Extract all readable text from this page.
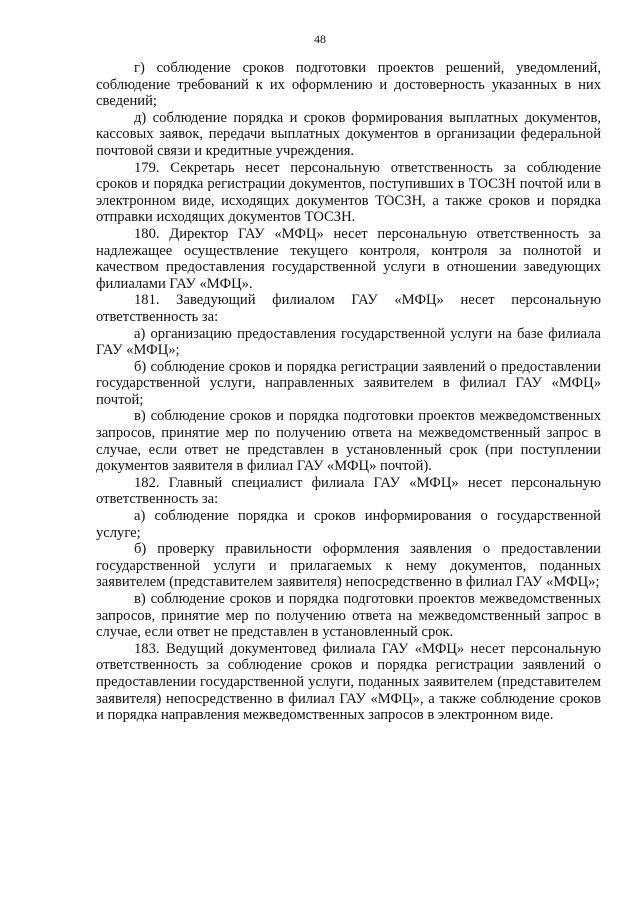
48

г) соблюдение сроков подготовки проектов решений, уведомлений, соблюдение требований к их оформлению и достоверность указанных в них сведений;

д) соблюдение порядка и сроков формирования выплатных документов, кассовых заявок, передачи выплатных документов в организации федеральной почтовой связи и кредитные учреждения.

179. Секретарь несет персональную ответственность за соблюдение сроков и порядка регистрации документов, поступивших в ТОСЗН почтой или в электронном виде, исходящих документов ТОСЗН, а также сроков и порядка отправки исходящих документов ТОСЗН.

180. Директор ГАУ «МФЦ» несет персональную ответственность за надлежащее осуществление текущего контроля, контроля за полнотой и качеством предоставления государственной услуги в отношении заведующих филиалами ГАУ «МФЦ».

181. Заведующий филиалом ГАУ «МФЦ» несет персональную ответственность за:

а) организацию предоставления государственной услуги на базе филиала ГАУ «МФЦ»;

б) соблюдение сроков и порядка регистрации заявлений о предоставлении государственной услуги, направленных заявителем в филиал ГАУ «МФЦ» почтой;

в) соблюдение сроков и порядка подготовки проектов межведомственных запросов, принятие мер по получению ответа на межведомственный запрос в случае, если ответ не представлен в установленный срок (при поступлении документов заявителя в филиал ГАУ «МФЦ» почтой).

182. Главный специалист филиала ГАУ «МФЦ» несет персональную ответственность за:

а) соблюдение порядка и сроков информирования о государственной услуге;

б) проверку правильности оформления заявления о предоставлении государственной услуги и прилагаемых к нему документов, поданных заявителем (представителем заявителя) непосредственно в филиал ГАУ «МФЦ»;

в) соблюдение сроков и порядка подготовки проектов межведомственных запросов, принятие мер по получению ответа на межведомственный запрос в случае, если ответ не представлен в установленный срок.

183. Ведущий документовед филиала ГАУ «МФЦ» несет персональную ответственность за соблюдение сроков и порядка регистрации заявлений о предоставлении государственной услуги, поданных заявителем (представителем заявителя) непосредственно в филиал ГАУ «МФЦ», а также соблюдение сроков и порядка направления межведомственных запросов в электронном виде.
